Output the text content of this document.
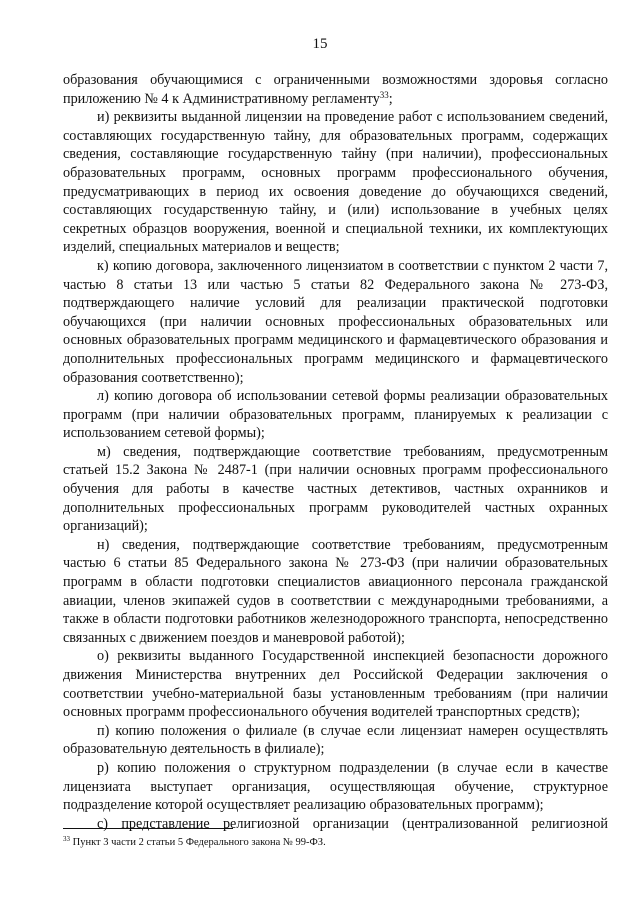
15

образования обучающимися с ограниченными возможностями здоровья согласно приложению № 4 к Административному регламенту$^{33}$;

и) реквизиты выданной лицензии на проведение работ с использованием сведений, составляющих государственную тайну, для образовательных программ, содержащих сведения, составляющие государственную тайну (при наличии), профессиональных образовательных программ, основных программ профессионального обучения, предусматривающих в период их освоения доведение до обучающихся сведений, составляющих государственную тайну, и (или) использование в учебных целях секретных образцов вооружения, военной и специальной техники, их комплектующих изделий, специальных материалов и веществ;

к) копию договора, заключенного лицензиатом в соответствии с пунктом 2 части 7, частью 8 статьи 13 или частью 5 статьи 82 Федерального закона № 273-ФЗ, подтверждающего наличие условий для реализации практической подготовки обучающихся (при наличии основных профессиональных образовательных или основных образовательных программ медицинского и фармацевтического образования и дополнительных профессиональных программ медицинского и фармацевтического образования соответственно);

л) копию договора об использовании сетевой формы реализации образовательных программ (при наличии образовательных программ, планируемых к реализации с использованием сетевой формы);

м) сведения, подтверждающие соответствие требованиям, предусмотренным статьей 15.2 Закона № 2487-1 (при наличии основных программ профессионального обучения для работы в качестве частных детективов, частных охранников и дополнительных профессиональных программ руководителей частных охранных организаций);

н) сведения, подтверждающие соответствие требованиям, предусмотренным частью 6 статьи 85 Федерального закона № 273-ФЗ (при наличии образовательных программ в области подготовки специалистов авиационного персонала гражданской авиации, членов экипажей судов в соответствии с международными требованиями, а также в области подготовки работников железнодорожного транспорта, непосредственно связанных с движением поездов и маневровой работой);

о) реквизиты выданного Государственной инспекцией безопасности дорожного движения Министерства внутренних дел Российской Федерации заключения о соответствии учебно-материальной базы установленным требованиям (при наличии основных программ профессионального обучения водителей транспортных средств);

п) копию положения о филиале (в случае если лицензиат намерен осуществлять образовательную деятельность в филиале);

р) копию положения о структурном подразделении (в случае если в качестве лицензиата выступает организация, осуществляющая обучение, структурное подразделение которой осуществляет реализацию образовательных программ);

с) представление религиозной организации (централизованной религиозной

$^{33}$ Пункт 3 части 2 статьи 5 Федерального закона № 99-ФЗ.
